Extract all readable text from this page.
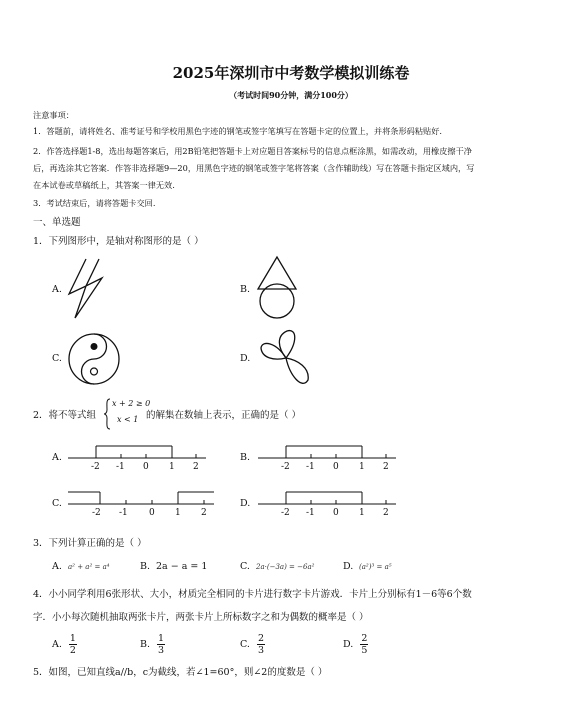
2025年深圳市中考数学模拟训练卷
（考试时间90分钟，满分100分）
注意事项：
1．答题前，请将姓名、准考证号和学校用黑色字迹的钢笔或签字笔填写在答题卡定的位置上，并将条形码粘贴好.
2．作答选择题1-8，选出每题答案后，用2B铅笔把答题卡上对应题目答案标号的信息点框涂黑，如需改动，用橡皮擦干净
后，再选涂其它答案．作答非选择题9—20，用黑色字迹的钢笔或签字笔将答案（含作辅助线）写在答题卡指定区域内，写
在本试卷或草稿纸上，其答案一律无效.
3．考试结束后，请将答题卡交回.
一、单选题
1．下列图形中，是轴对称图形的是（ ）
A.	B.
C.	D.
2．将不等式组
x + 2 ≥ 0
x < 1 的解集在数轴上表示，正确的是（ ）
A.
-2 -1 0 1 2
B.
-2 -1 0 1 2
C.
-2 -1 0 1 2
D.
-2 -1 0 1 2
3．下列计算正确的是（ ）
A. a² + a² = a⁴	B. 2a − a = 1	C. 2a·(−3a) = −6a²	D. (a²)³ = a⁵
4．小小同学利用6张形状、大小，材质完全相同的卡片进行数字卡片游戏．卡片上分别标有1－6等6个数
字．小小每次随机抽取两张卡片，两张卡片上所标数字之和为偶数的概率是（ ）
A. $\frac{1}{2}$	B. $\frac{1}{3}$	C. $\frac{2}{3}$	D. $\frac{2}{5}$
5．如图，已知直线a//b，c为截线，若∠1=60°，则∠2的度数是（ ）
